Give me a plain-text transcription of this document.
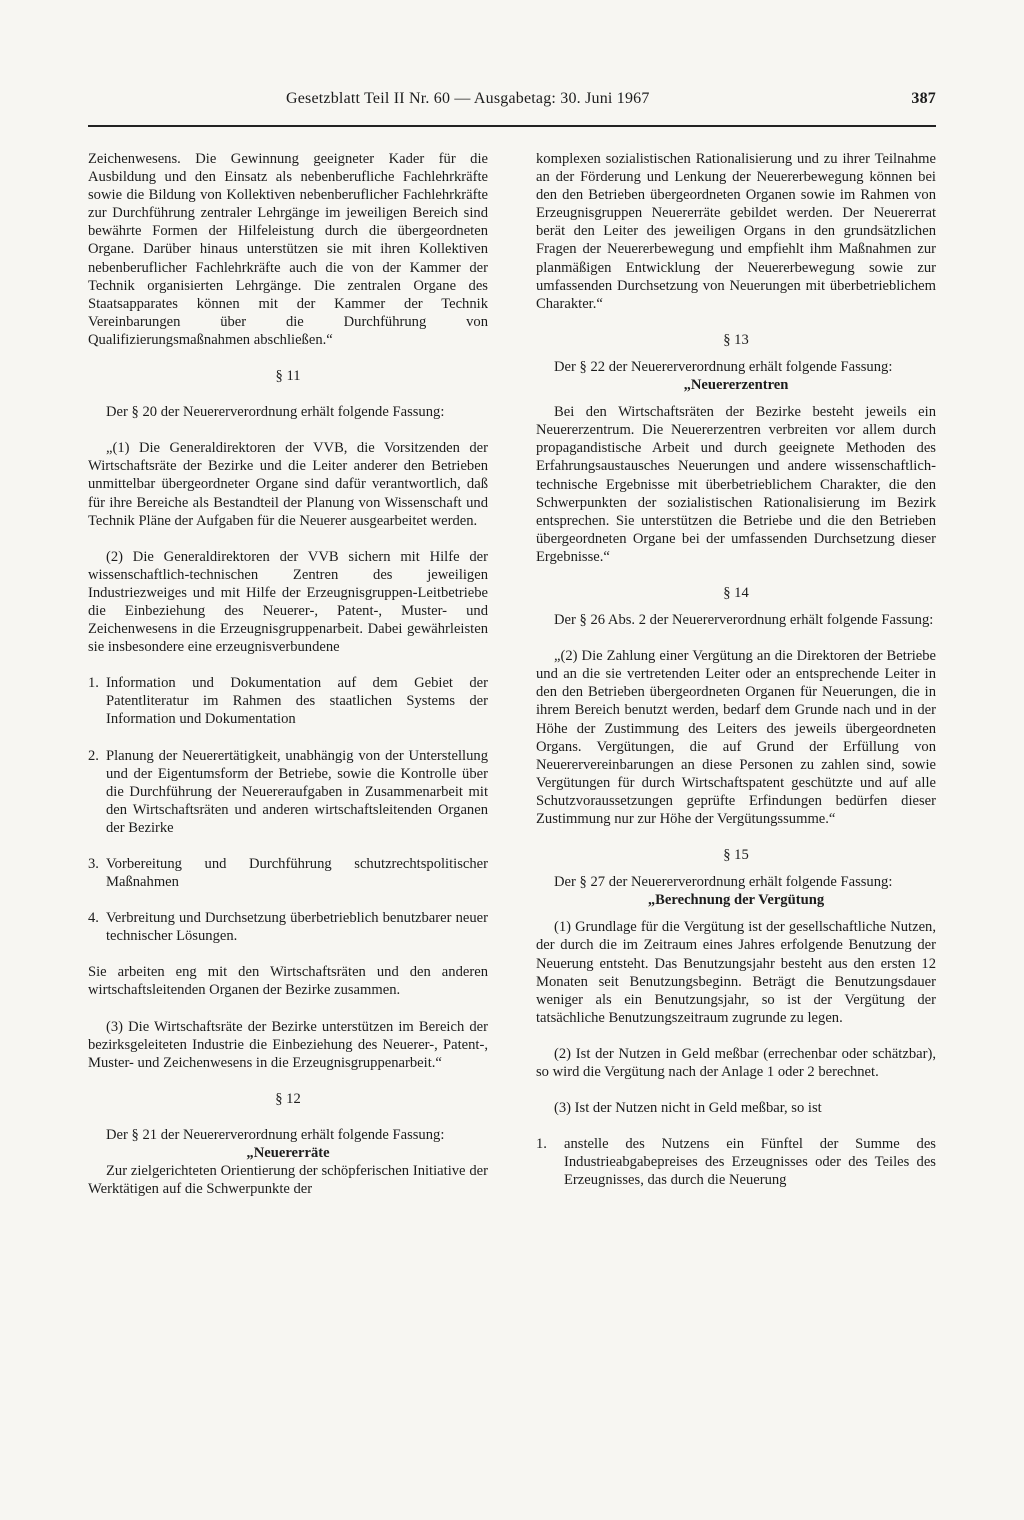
Gesetzblatt Teil II Nr. 60 — Ausgabetag: 30. Juni 1967	387

Zeichenwesens. Die Gewinnung geeigneter Kader für die Ausbildung und den Einsatz als nebenberufliche Fachlehrkräfte sowie die Bildung von Kollektiven nebenberuflicher Fachlehrkräfte zur Durchführung zentraler Lehrgänge im jeweiligen Bereich sind bewährte Formen der Hilfeleistung durch die übergeordneten Organe. Darüber hinaus unterstützen sie mit ihren Kollektiven nebenberuflicher Fachlehrkräfte auch die von der Kammer der Technik organisierten Lehrgänge. Die zentralen Organe des Staatsapparates können mit der Kammer der Technik Vereinbarungen über die Durchführung von Qualifizierungsmaßnahmen abschließen.“

§ 11

Der § 20 der Neuererverordnung erhält folgende Fassung:

„(1) Die Generaldirektoren der VVB, die Vorsitzenden der Wirtschaftsräte der Bezirke und die Leiter anderer den Betrieben unmittelbar übergeordneter Organe sind dafür verantwortlich, daß für ihre Bereiche als Bestandteil der Planung von Wissenschaft und Technik Pläne der Aufgaben für die Neuerer ausgearbeitet werden.

(2) Die Generaldirektoren der VVB sichern mit Hilfe der wissenschaftlich-technischen Zentren des jeweiligen Industriezweiges und mit Hilfe der Erzeugnisgruppen-Leitbetriebe die Einbeziehung des Neuerer-, Patent-, Muster- und Zeichenwesens in die Erzeugnisgruppenarbeit. Dabei gewährleisten sie insbesondere eine erzeugnisverbundene

1. Information und Dokumentation auf dem Gebiet der Patentliteratur im Rahmen des staatlichen Systems der Information und Dokumentation

2. Planung der Neuerertätigkeit, unabhängig von der Unterstellung und der Eigentumsform der Betriebe, sowie die Kontrolle über die Durchführung der Neuereraufgaben in Zusammenarbeit mit den Wirtschaftsräten und anderen wirtschaftsleitenden Organen der Bezirke

3. Vorbereitung und Durchführung schutzrechtspolitischer Maßnahmen

4. Verbreitung und Durchsetzung überbetrieblich benutzbarer neuer technischer Lösungen.

Sie arbeiten eng mit den Wirtschaftsräten und den anderen wirtschaftsleitenden Organen der Bezirke zusammen.

(3) Die Wirtschaftsräte der Bezirke unterstützen im Bereich der bezirksgeleiteten Industrie die Einbeziehung des Neuerer-, Patent-, Muster- und Zeichenwesens in die Erzeugnisgruppenarbeit.“

§ 12

Der § 21 der Neuererverordnung erhält folgende Fassung:

„Neuererräte

Zur zielgerichteten Orientierung der schöpferischen Initiative der Werktätigen auf die Schwerpunkte der

komplexen sozialistischen Rationalisierung und zu ihrer Teilnahme an der Förderung und Lenkung der Neuererbewegung können bei den den Betrieben übergeordneten Organen sowie im Rahmen von Erzeugnisgruppen Neuererräte gebildet werden. Der Neuererrat berät den Leiter des jeweiligen Organs in den grundsätzlichen Fragen der Neuererbewegung und empfiehlt ihm Maßnahmen zur planmäßigen Entwicklung der Neuererbewegung sowie zur umfassenden Durchsetzung von Neuerungen mit überbetrieblichem Charakter.“

§ 13

Der § 22 der Neuererverordnung erhält folgende Fassung:

„Neuererzentren

Bei den Wirtschaftsräten der Bezirke besteht jeweils ein Neuererzentrum. Die Neuererzentren verbreiten vor allem durch propagandistische Arbeit und durch geeignete Methoden des Erfahrungsaustausches Neuerungen und andere wissenschaftlich-technische Ergebnisse mit überbetrieblichem Charakter, die den Schwerpunkten der sozialistischen Rationalisierung im Bezirk entsprechen. Sie unterstützen die Betriebe und die den Betrieben übergeordneten Organe bei der umfassenden Durchsetzung dieser Ergebnisse.“

§ 14

Der § 26 Abs. 2 der Neuererverordnung erhält folgende Fassung:

„(2) Die Zahlung einer Vergütung an die Direktoren der Betriebe und an die sie vertretenden Leiter oder an entsprechende Leiter in den den Betrieben übergeordneten Organen für Neuerungen, die in ihrem Bereich benutzt werden, bedarf dem Grunde nach und in der Höhe der Zustimmung des Leiters des jeweils übergeordneten Organs. Vergütungen, die auf Grund der Erfüllung von Neuerervereinbarungen an diese Personen zu zahlen sind, sowie Vergütungen für durch Wirtschaftspatent geschützte und auf alle Schutzvoraussetzungen geprüfte Erfindungen bedürfen dieser Zustimmung nur zur Höhe der Vergütungssumme.“

§ 15

Der § 27 der Neuererverordnung erhält folgende Fassung:

„Berechnung der Vergütung

(1) Grundlage für die Vergütung ist der gesellschaftliche Nutzen, der durch die im Zeitraum eines Jahres erfolgende Benutzung der Neuerung entsteht. Das Benutzungsjahr besteht aus den ersten 12 Monaten seit Benutzungsbeginn. Beträgt die Benutzungsdauer weniger als ein Benutzungsjahr, so ist der Vergütung der tatsächliche Benutzungszeitraum zugrunde zu legen.

(2) Ist der Nutzen in Geld meßbar (errechenbar oder schätzbar), so wird die Vergütung nach der Anlage 1 oder 2 berechnet.

(3) Ist der Nutzen nicht in Geld meßbar, so ist

1. anstelle des Nutzens ein Fünftel der Summe des Industrieabgabepreises des Erzeugnisses oder des Teiles des Erzeugnisses, das durch die Neuerung
